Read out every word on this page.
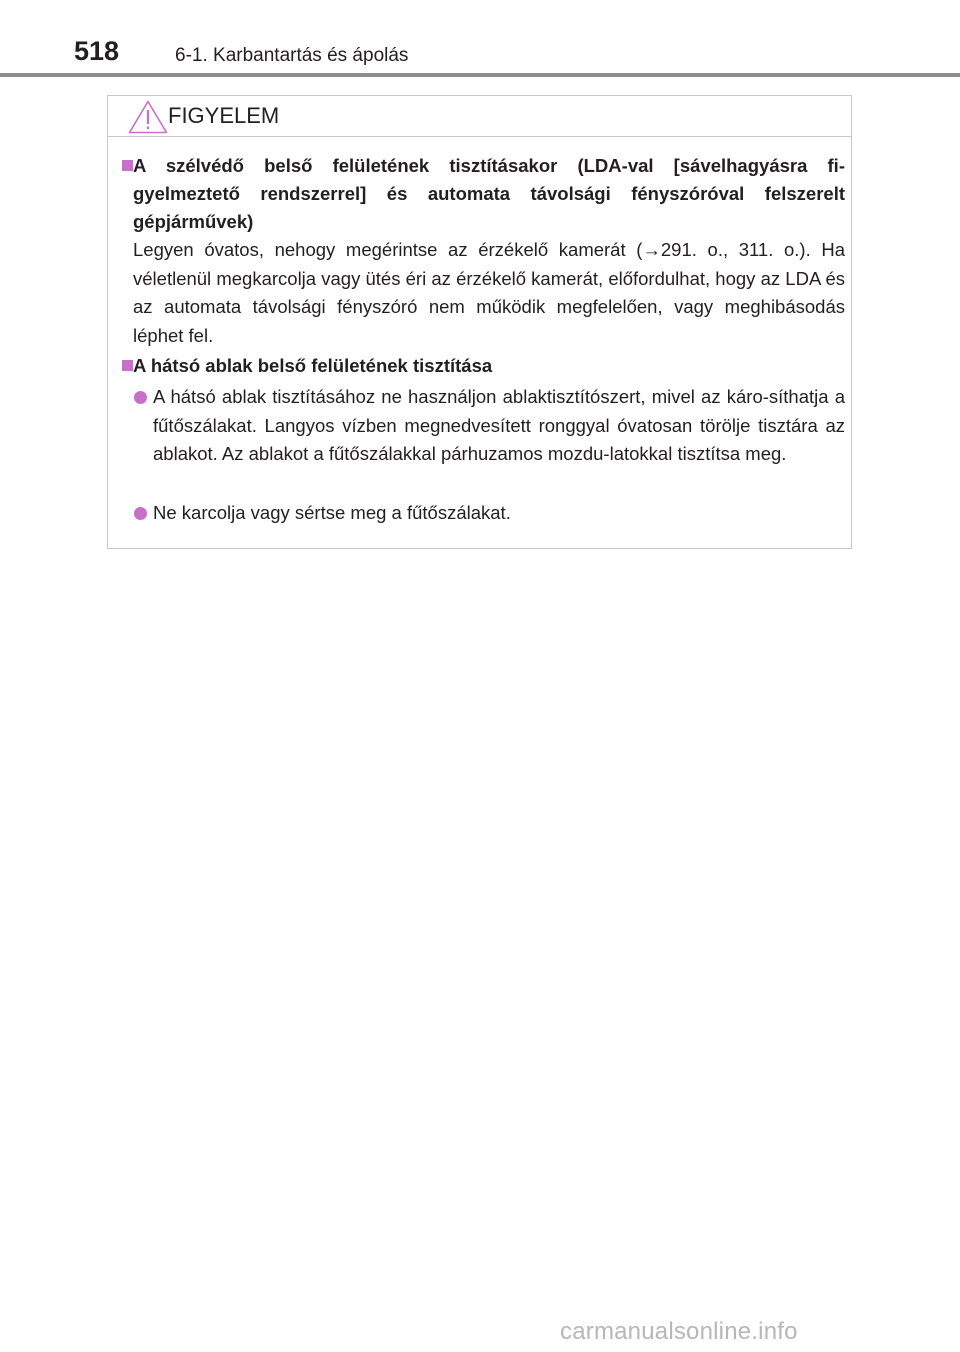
518	6-1. Karbantartás és ápolás
FIGYELEM
A szélvédő belső felületének tisztításakor (LDA-val [sávelhagyásra fi-gyelmeztető rendszerrel] és automata távolsági fényszóróval felszerelt gépjárművek)
Legyen óvatos, nehogy megérintse az érzékelő kamerát (→291. o., 311. o.). Ha véletlenül megkarcolja vagy ütés éri az érzékelő kamerát, előfordulhat, hogy az LDA és az automata távolsági fényszóró nem működik megfelelően, vagy meghibásodás léphet fel.
A hátsó ablak belső felületének tisztítása
A hátsó ablak tisztításához ne használjon ablaktisztítószert, mivel az káro-síthatja a fűtőszálakat. Langyos vízben megnedvesített ronggyal óvatosan törölje tisztára az ablakot. Az ablakot a fűtőszálakkal párhuzamos mozdu-latokkal tisztítsa meg.
Ne karcolja vagy sértse meg a fűtőszálakat.
carmanualsonline.info
